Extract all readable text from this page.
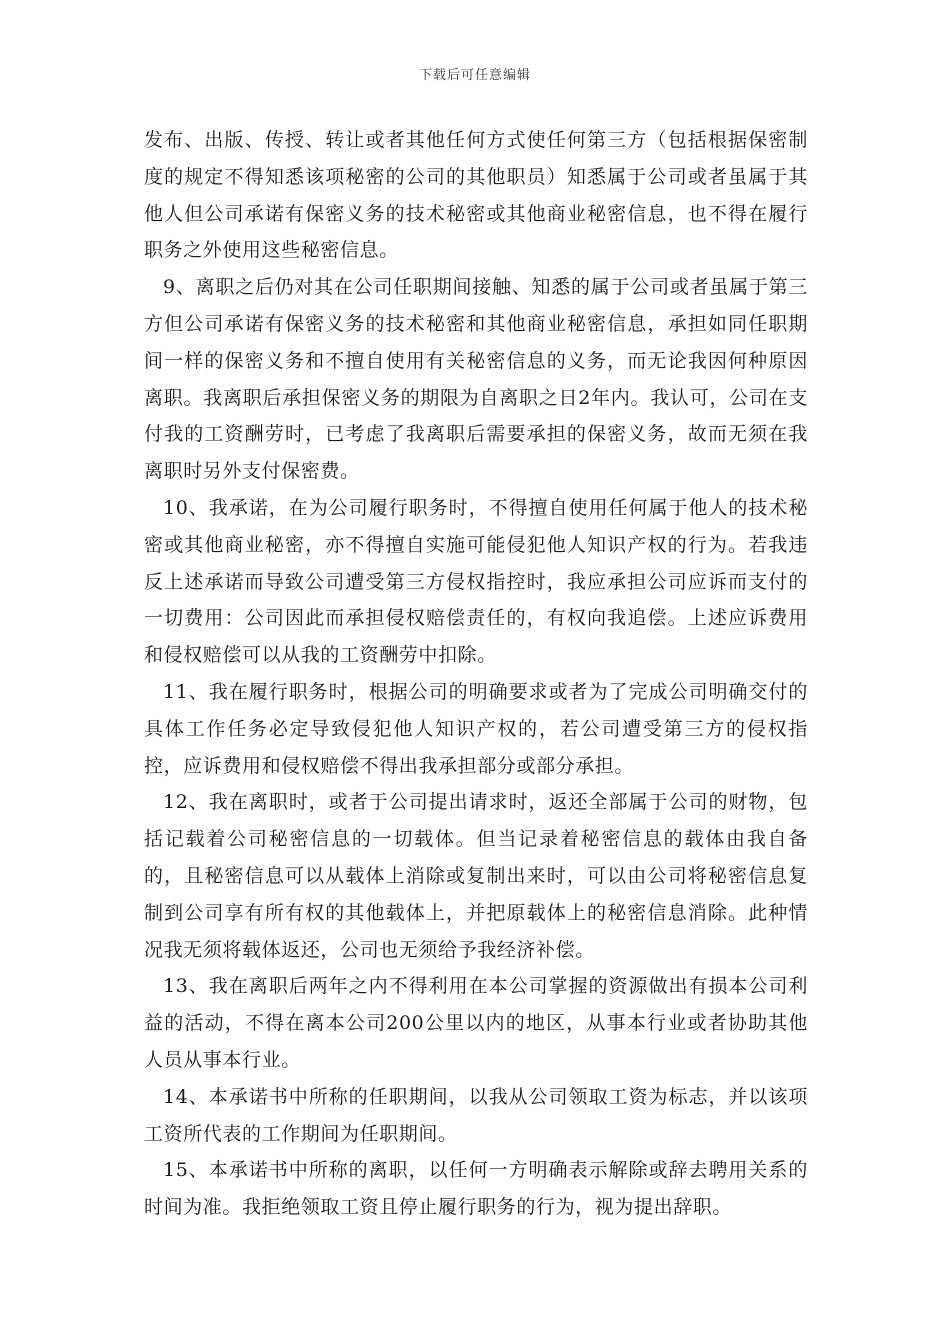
下载后可任意编辑

发布、出版、传授、转让或者其他任何方式使任何第三方（包括根据保密制度的规定不得知悉该项秘密的公司的其他职员）知悉属于公司或者虽属于其他人但公司承诺有保密义务的技术秘密或其他商业秘密信息，也不得在履行职务之外使用这些秘密信息。

9、离职之后仍对其在公司任职期间接触、知悉的属于公司或者虽属于第三方但公司承诺有保密义务的技术秘密和其他商业秘密信息，承担如同任职期间一样的保密义务和不擅自使用有关秘密信息的义务，而无论我因何种原因离职。我离职后承担保密义务的期限为自离职之日2年内。我认可，公司在支付我的工资酬劳时，已考虑了我离职后需要承担的保密义务，故而无须在我离职时另外支付保密费。

10、我承诺，在为公司履行职务时，不得擅自使用任何属于他人的技术秘密或其他商业秘密，亦不得擅自实施可能侵犯他人知识产权的行为。若我违反上述承诺而导致公司遭受第三方侵权指控时，我应承担公司应诉而支付的一切费用：公司因此而承担侵权赔偿责任的，有权向我追偿。上述应诉费用和侵权赔偿可以从我的工资酬劳中扣除。

11、我在履行职务时，根据公司的明确要求或者为了完成公司明确交付的具体工作任务必定导致侵犯他人知识产权的，若公司遭受第三方的侵权指控，应诉费用和侵权赔偿不得出我承担部分或部分承担。

12、我在离职时，或者于公司提出请求时，返还全部属于公司的财物，包括记载着公司秘密信息的一切载体。但当记录着秘密信息的载体由我自备的，且秘密信息可以从载体上消除或复制出来时，可以由公司将秘密信息复制到公司享有所有权的其他载体上，并把原载体上的秘密信息消除。此种情况我无须将载体返还，公司也无须给予我经济补偿。

13、我在离职后两年之内不得利用在本公司掌握的资源做出有损本公司利益的活动，不得在离本公司200公里以内的地区，从事本行业或者协助其他人员从事本行业。

14、本承诺书中所称的任职期间，以我从公司领取工资为标志，并以该项工资所代表的工作期间为任职期间。

15、本承诺书中所称的离职，以任何一方明确表示解除或辞去聘用关系的时间为准。我拒绝领取工资且停止履行职务的行为，视为提出辞职。
